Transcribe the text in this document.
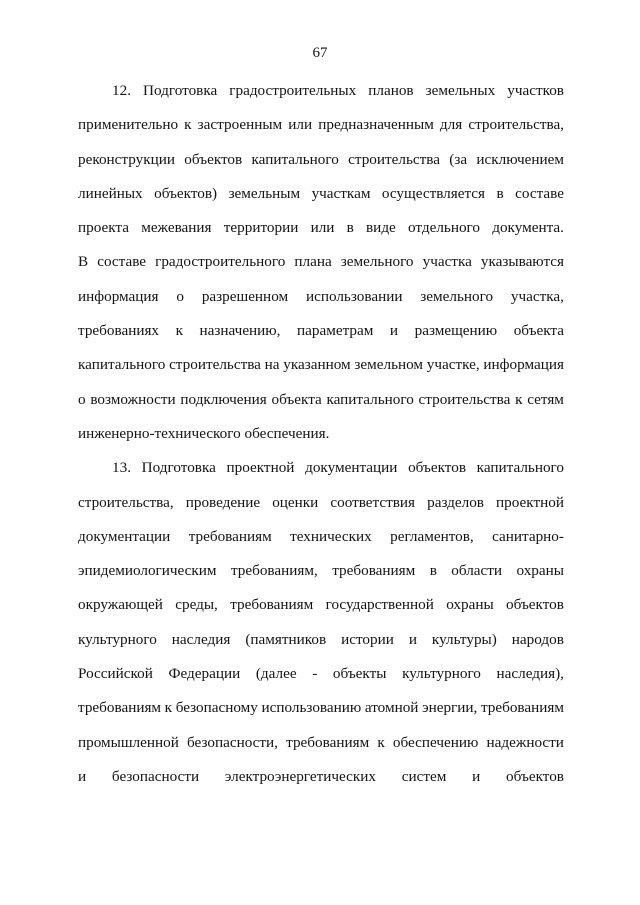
67
12. Подготовка градостроительных планов земельных участков
применительно к застроенным или предназначенным для строительства,
реконструкции объектов капитального строительства (за исключением
линейных объектов) земельным участкам осуществляется в составе
проекта межевания территории или в виде отдельного документа.
В составе градостроительного плана земельного участка указываются
информация о разрешенном использовании земельного участка,
требованиях к назначению, параметрам и размещению объекта
капитального строительства на указанном земельном участке, информация
о возможности подключения объекта капитального строительства к сетям
инженерно-технического обеспечения.
13. Подготовка проектной документации объектов капитального
строительства, проведение оценки соответствия разделов проектной
документации требованиям технических регламентов, санитарно-
эпидемиологическим требованиям, требованиям в области охраны
окружающей среды, требованиям государственной охраны объектов
культурного наследия (памятников истории и культуры) народов
Российской Федерации (далее - объекты культурного наследия),
требованиям к безопасному использованию атомной энергии, требованиям
промышленной безопасности, требованиям к обеспечению надежности
и безопасности электроэнергетических систем и объектов
